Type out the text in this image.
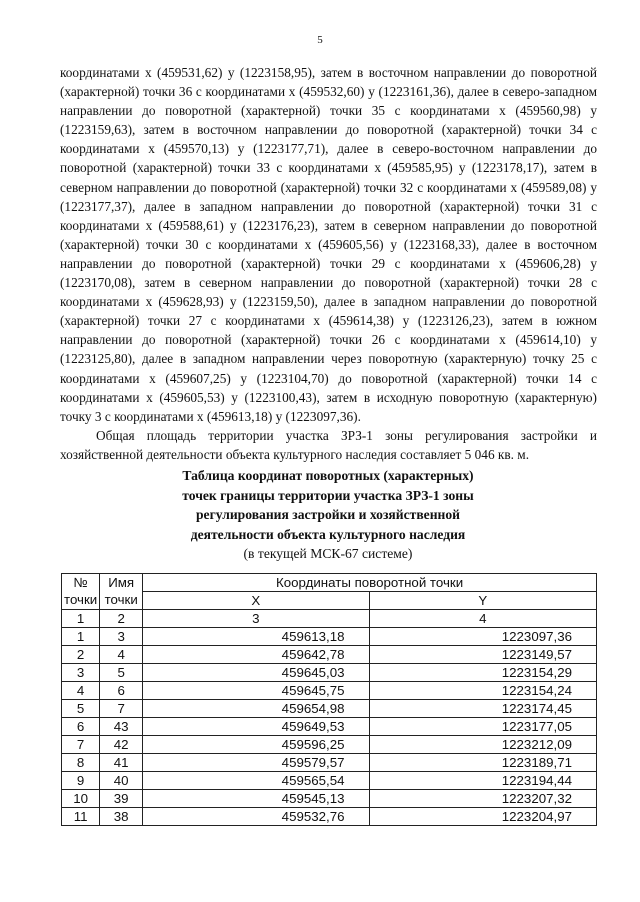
5

координатами x (459531,62) y (1223158,95), затем в восточном направлении до поворотной (характерной) точки 36 с координатами x (459532,60) y (1223161,36), далее в северо-западном направлении до поворотной (характерной) точки 35 с координатами x (459560,98) y (1223159,63), затем в восточном направлении до поворотной (характерной) точки 34 с координатами x (459570,13) y (1223177,71), далее в северо-восточном направлении до поворотной (характерной) точки 33 с координатами x (459585,95) y (1223178,17), затем в северном направлении до поворотной (характерной) точки 32 с координатами x (459589,08) y (1223177,37), далее в западном направлении до поворотной (характерной) точки 31 с координатами x (459588,61) y (1223176,23), затем в северном направлении до поворотной (характерной) точки 30 с координатами x (459605,56) y (1223168,33), далее в восточном направлении до поворотной (характерной) точки 29 с координатами x (459606,28) y (1223170,08), затем в северном направлении до поворотной (характерной) точки 28 с координатами x (459628,93) y (1223159,50), далее в западном направлении до поворотной (характерной) точки 27 с координатами x (459614,38) y (1223126,23), затем в южном направлении до поворотной (характерной) точки 26 с координатами x (459614,10) y (1223125,80), далее в западном направлении через поворотную (характерную) точку 25 с координатами x (459607,25) y (1223104,70) до поворотной (характерной) точки 14 с координатами x (459605,53) y (1223100,43), затем в исходную поворотную (характерную) точку 3 с координатами x (459613,18) y (1223097,36).

Общая площадь территории участка ЗРЗ-1 зоны регулирования застройки и хозяйственной деятельности объекта культурного наследия составляет 5 046 кв. м.

Таблица координат поворотных (характерных)
точек границы территории участка ЗРЗ-1 зоны
регулирования застройки и хозяйственной
деятельности объекта культурного наследия
(в текущей МСК-67 системе)
№	Имя	Координаты поворотной точки	
точки	точки	X	Y
1	2	3	4
1	3	459613,18	1223097,36
2	4	459642,78	1223149,57
3	5	459645,03	1223154,29
4	6	459645,75	1223154,24
5	7	459654,98	1223174,45
6	43	459649,53	1223177,05
7	42	459596,25	1223212,09
8	41	459579,57	1223189,71
9	40	459565,54	1223194,44
10	39	459545,13	1223207,32
11	38	459532,76	1223204,97
